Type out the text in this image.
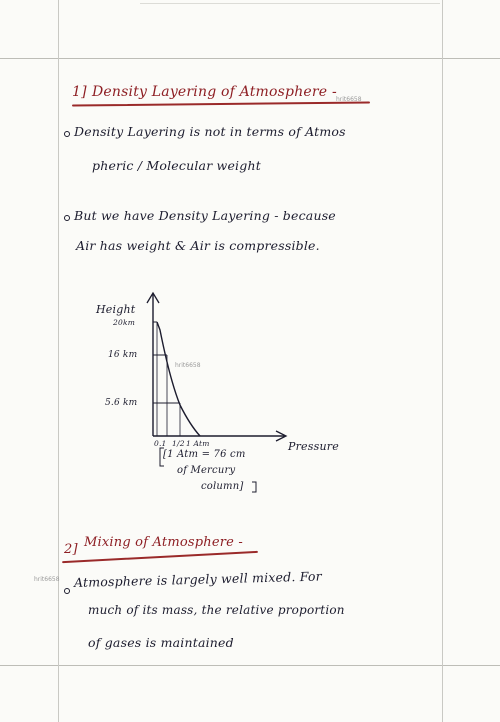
1] Density Layering of Atmosphere - hrit6658
Density Layering is not in terms of Atmos
pheric / Molecular weight
But we have Density Layering - because
Air has weight & Air is compressible.
Height
20km
16 km
5.6 km
hrit6658
0.1 1/2 1 Atm	Pressure
[1 Atm = 76 cm
of Mercury
column]
2] Mixing of Atmosphere -
hrit6658 Atmosphere is largely well mixed. For
much of its mass, the relative proportion
of gases is maintained
